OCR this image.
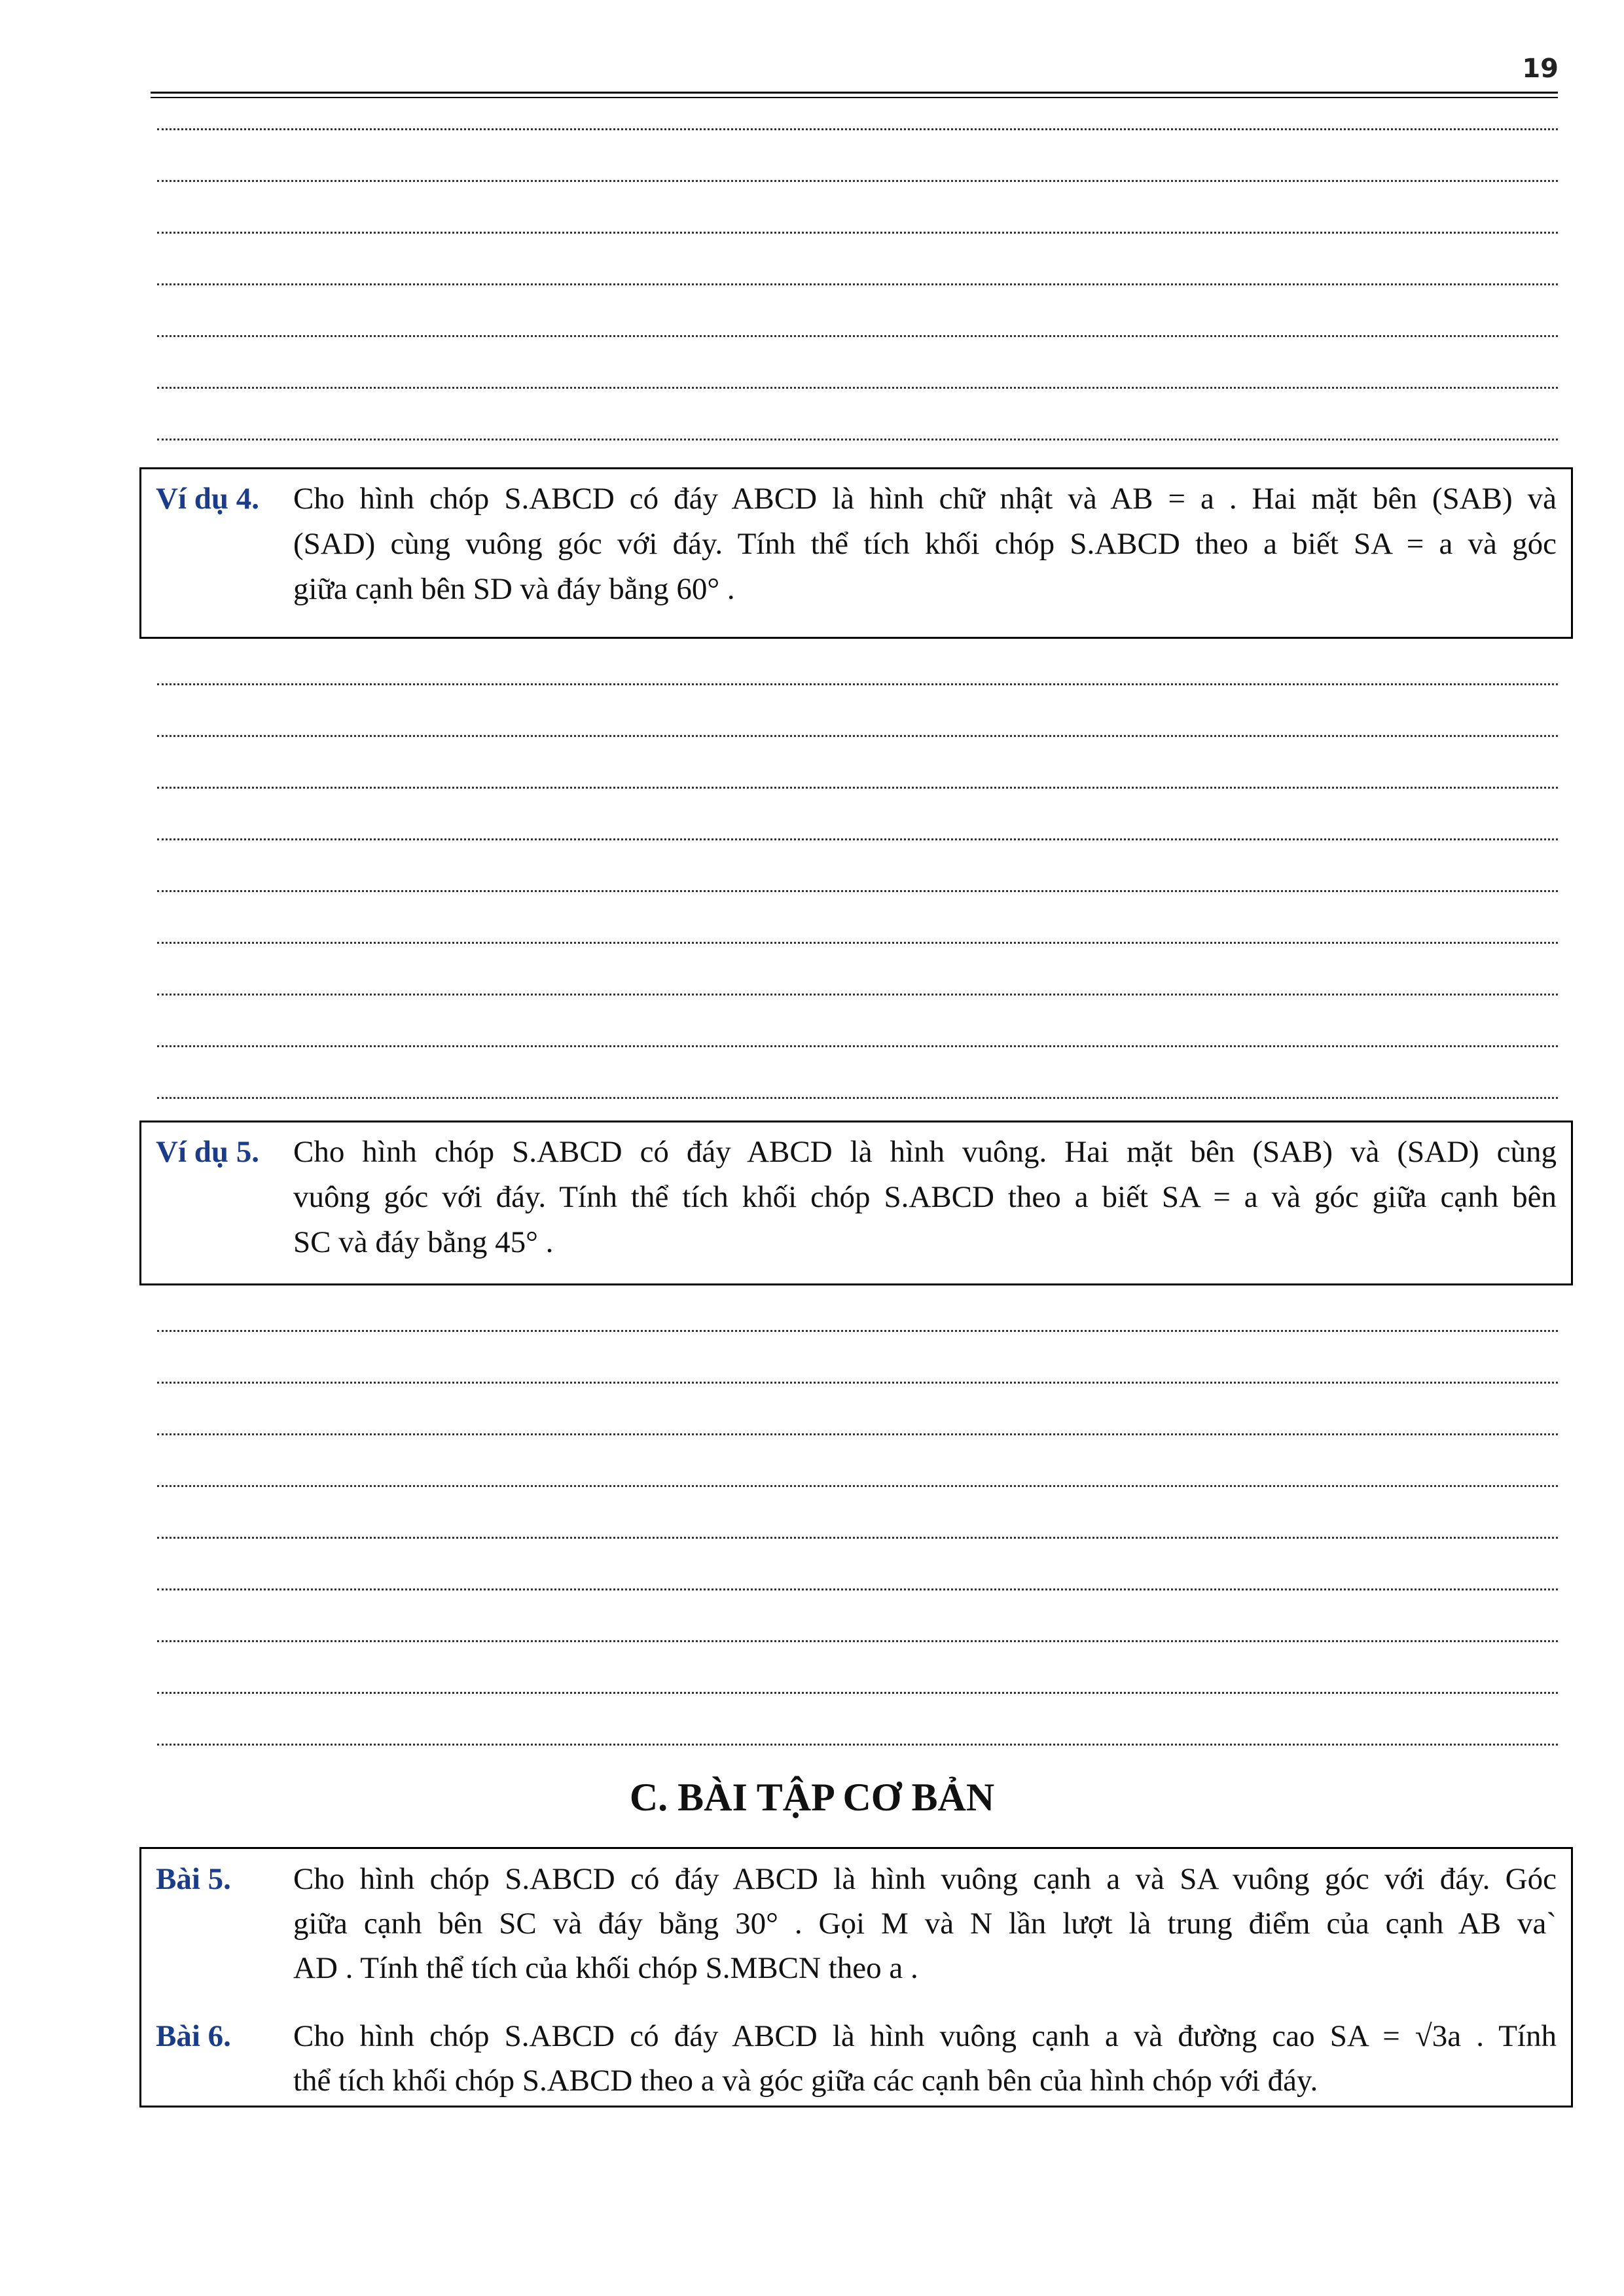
19
Ví dụ 4.	Cho hình chóp S.ABCD có đáy ABCD là hình chữ nhật và AB = a . Hai mặt bên (SAB) và
(SAD) cùng vuông góc với đáy. Tính thể tích khối chóp S.ABCD theo a biết SA = a và góc
giữa cạnh bên SD và đáy bằng 60° .
Ví dụ 5.	Cho hình chóp S.ABCD có đáy ABCD là hình vuông. Hai mặt bên (SAB) và (SAD) cùng
vuông góc với đáy. Tính thể tích khối chóp S.ABCD theo a biết SA = a và góc giữa cạnh bên
SC và đáy bằng 45° .
C. BÀI TẬP CƠ BẢN
Bài 5.	Cho hình chóp S.ABCD có đáy ABCD là hình vuông cạnh a và SA vuông góc với đáy. Góc
giữa cạnh bên SC và đáy bằng 30° . Gọi M và N lần lượt là trung điểm của cạnh AB va`
AD . Tính thể tích của khối chóp S.MBCN theo a .
Bài 6.	Cho hình chóp S.ABCD có đáy ABCD là hình vuông cạnh a và đường cao SA = √3a . Tính
thể tích khối chóp S.ABCD theo a và góc giữa các cạnh bên của hình chóp với đáy.
